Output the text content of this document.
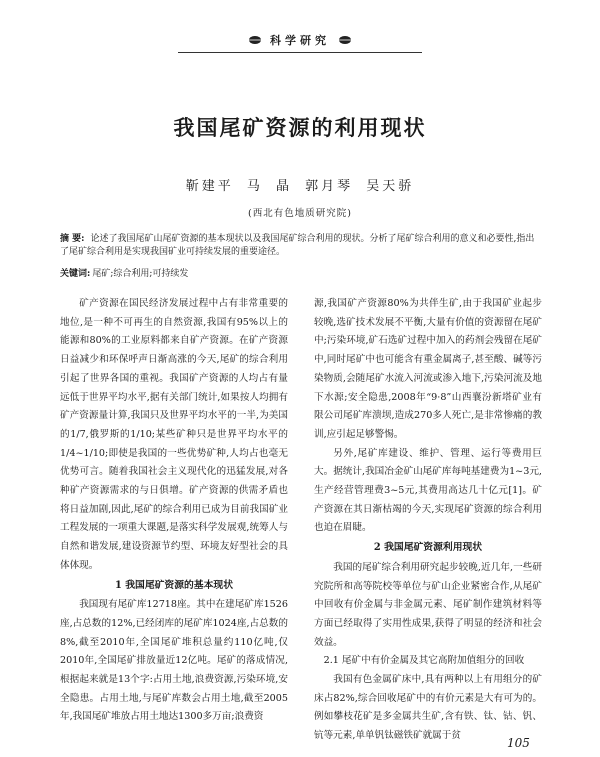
科学研究
我国尾矿资源的利用现状
靳建平 马 晶 郭月琴 吴天骄
(西北有色地质研究院)
摘 要: 论述了我国尾矿山尾矿资源的基本现状以及我国尾矿综合利用的现状。分析了尾矿综合利用的意义和必要性,指出了尾矿综合利用是实现我国矿业可持续发展的重要途径。
关键词: 尾矿;综合利用;可持续发

矿产资源在国民经济发展过程中占有非常重要的地位,是一种不可再生的自然资源,我国有95%以上的能源和80%的工业原料都来自矿产资源。在矿产资源日益减少和环保呼声日渐高涨的今天,尾矿的综合利用引起了世界各国的重视。我国矿产资源的人均占有量远低于世界平均水平,据有关部门统计,如果按人均拥有矿产资源量计算,我国只及世界平均水平的一半,为美国的1/7,俄罗斯的1/10;某些矿种只是世界平均水平的1/4~1/10;即使是我国的一些优势矿种,人均占也毫无优势可言。随着我国社会主义现代化的迅猛发展,对各种矿产资源需求的与日俱增。矿产资源的供需矛盾也将日益加剧,因此,尾矿的综合利用已成为目前我国矿业工程发展的一项重大课题,是落实科学发展观,统筹人与自然和谐发展,建设资源节约型、环境友好型社会的具体体现。

1 我国尾矿资源的基本现状

我国现有尾矿库12718座。其中在建尾矿库1526座,占总数的12%,已经闭库的尾矿库1024座,占总数的8%,截至2010年,全国尾矿堆积总量约110亿吨,仅2010年,全国尾矿排放量近12亿吨。尾矿的落成情况,根据起来就是13个字:占用土地,浪费资源,污染环境,安全隐患。占用土地,与尾矿库数会占用土地,截至2005年,我国尾矿堆放占用土地达1300多万亩;浪费资

源,我国矿产资源80%为共伴生矿,由于我国矿业起步较晚,选矿技术发展不平衡,大量有价值的资源留在尾矿中;污染环境,矿石选矿过程中加入的药剂会残留在尾矿中,同时尾矿中也可能含有重金属离子,甚至酸、碱等污染物质,会随尾矿水流入河流或渗入地下,污染河流及地下水源;安全隐患,2008年“9·8”山西襄汾新塔矿业有限公司尾矿库溃坝,造成270多人死亡,是非常惨痛的教训,应引起足够警惕。

另外,尾矿库建设、维护、管理、运行等费用巨大。据统计,我国冶金矿山尾矿库每吨基建费为1~3元,生产经营管理费3~5元,其费用高达几十亿元[1]。矿产资源在其日渐枯竭的今天,实现尾矿资源的综合利用也迫在眉睫。

2 我国尾矿资源利用现状

我国的尾矿综合利用研究起步较晚,近几年,一些研究院所和高等院校等单位与矿山企业紧密合作,从尾矿中回收有价金属与非金属元素、尾矿制作建筑材料等方面已经取得了实用性成果,获得了明显的经济和社会效益。

2.1 尾矿中有价金属及其它高附加值组分的回收

我国有色金属矿床中,具有两种以上有用组分的矿床占82%,综合回收尾矿中的有价元素是大有可为的。例如攀枝花矿是多金属共生矿,含有铁、钛、钴、钒、钪等元素,单单钒钛磁铁矿就属于贫

105
